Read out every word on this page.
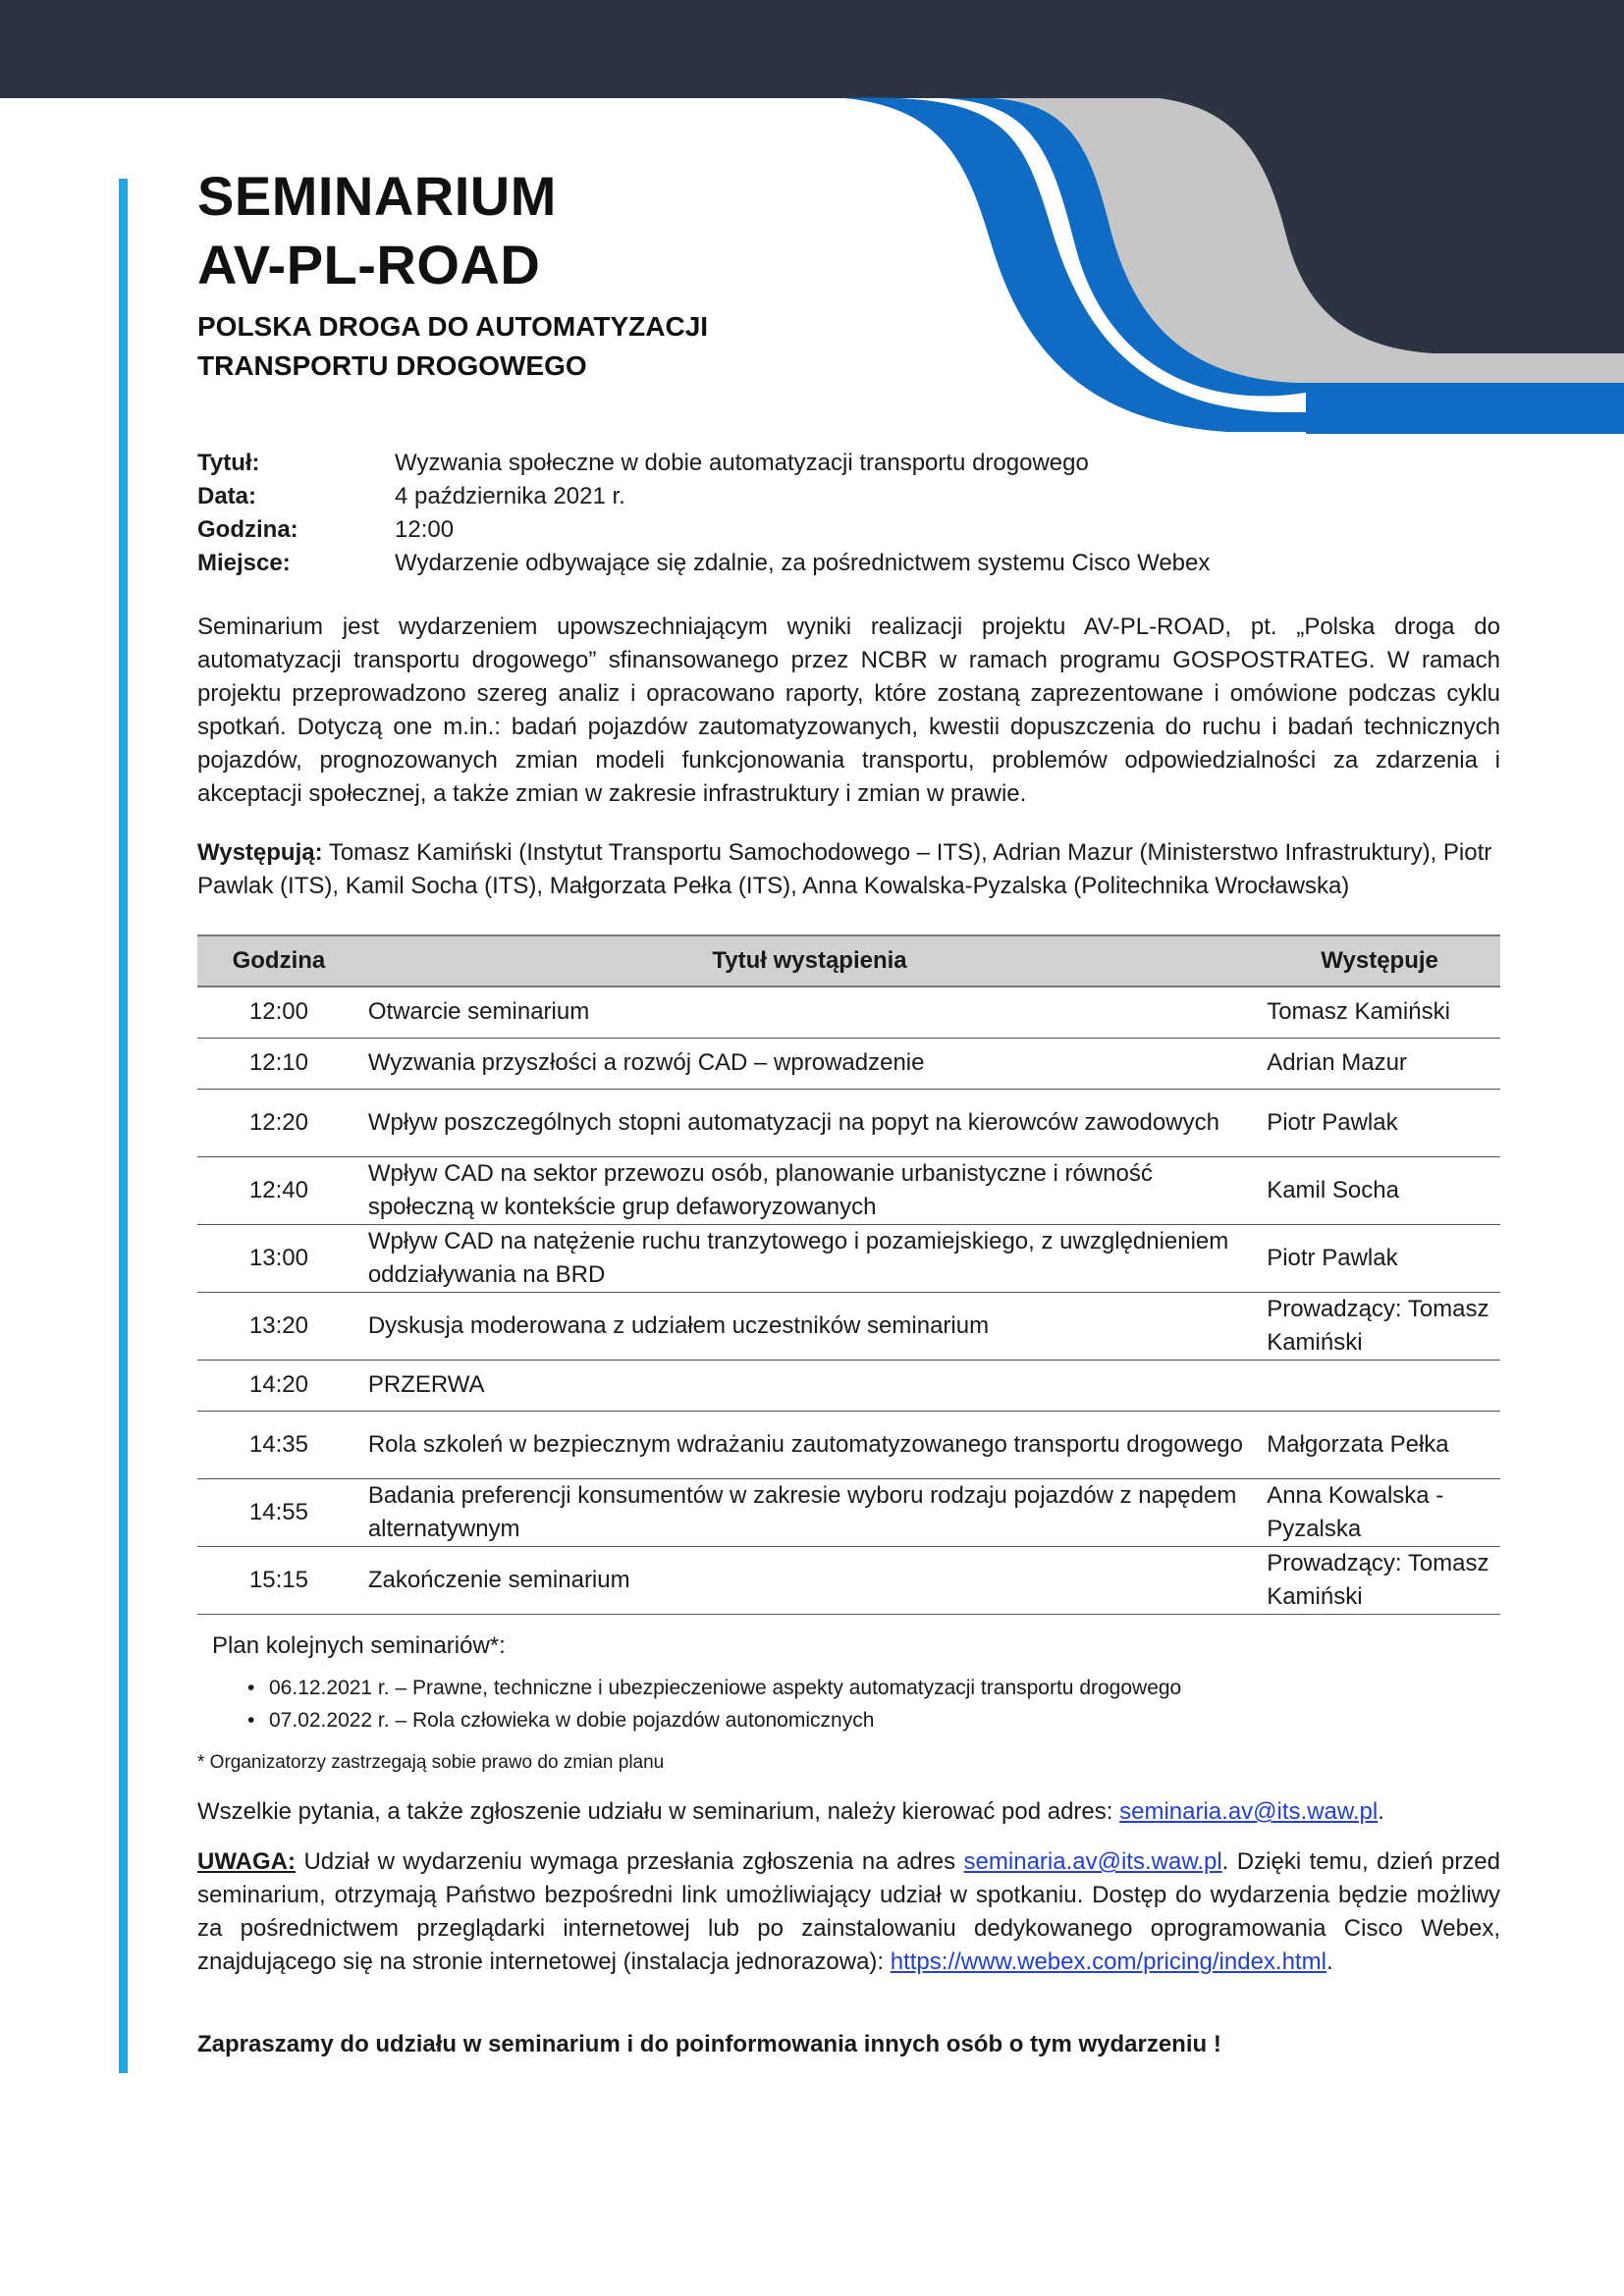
SEMINARIUM

AV-PL-ROAD

POLSKA DROGA DO AUTOMATYZACJI

TRANSPORTU DROGOWEGO

Tytuł:	Wyzwania społeczne w dobie automatyzacji transportu drogowego
Data:	4 października 2021 r.
Godzina:	12:00
Miejsce:	Wydarzenie odbywające się zdalnie, za pośrednictwem systemu Cisco Webex

Seminarium jest wydarzeniem upowszechniającym wyniki realizacji projektu AV-PL-ROAD, pt. „Polska droga do automatyzacji transportu drogowego” sfinansowanego przez NCBR w ramach programu GOSPOSTRATEG. W ramach projektu przeprowadzono szereg analiz i opracowano raporty, które zostaną zaprezentowane i omówione podczas cyklu spotkań. Dotyczą one m.in.: badań pojazdów zautomatyzowanych, kwestii dopuszczenia do ruchu i badań technicznych pojazdów, prognozowanych zmian modeli funkcjonowania transportu, problemów odpowiedzialności za zdarzenia i akceptacji społecznej, a także zmian w zakresie infrastruktury i zmian w prawie.

Występują: Tomasz Kamiński (Instytut Transportu Samochodowego – ITS), Adrian Mazur (Ministerstwo Infrastruktury), Piotr Pawlak (ITS), Kamil Socha (ITS), Małgorzata Pełka (ITS), Anna Kowalska-Pyzalska (Politechnika Wrocławska)

Godzina	Tytuł wystąpienia	Występuje
12:00	Otwarcie seminarium	Tomasz Kamiński
12:10	Wyzwania przyszłości a rozwój CAD – wprowadzenie	Adrian Mazur
12:20	Wpływ poszczególnych stopni automatyzacji na popyt na kierowców zawodowych	Piotr Pawlak
12:40	Wpływ CAD na sektor przewozu osób, planowanie urbanistyczne i równość społeczną w kontekście grup defaworyzowanych	Kamil Socha
13:00	Wpływ CAD na natężenie ruchu tranzytowego i pozamiejskiego, z uwzględnieniem oddziaływania na BRD	Piotr Pawlak
13:20	Dyskusja moderowana z udziałem uczestników seminarium	Prowadzący: Tomasz Kamiński
14:20	PRZERWA	
14:35	Rola szkoleń w bezpiecznym wdrażaniu zautomatyzowanego transportu drogowego	Małgorzata Pełka
14:55	Badania preferencji konsumentów w zakresie wyboru rodzaju pojazdów z napędem alternatywnym	Anna Kowalska -Pyzalska
15:15	Zakończenie seminarium	Prowadzący: Tomasz Kamiński
Plan kolejnych seminariów*:
• 06.12.2021 r. – Prawne, techniczne i ubezpieczeniowe aspekty automatyzacji transportu drogowego
• 07.02.2022 r. – Rola człowieka w dobie pojazdów autonomicznych
* Organizatorzy zastrzegają sobie prawo do zmian planu

Wszelkie pytania, a także zgłoszenie udziału w seminarium, należy kierować pod adres: seminaria.av@its.waw.pl.

UWAGA: Udział w wydarzeniu wymaga przesłania zgłoszenia na adres seminaria.av@its.waw.pl. Dzięki temu, dzień przed seminarium, otrzymają Państwo bezpośredni link umożliwiający udział w spotkaniu. Dostęp do wydarzenia będzie możliwy za pośrednictwem przeglądarki internetowej lub po zainstalowaniu dedykowanego oprogramowania Cisco Webex, znajdującego się na stronie internetowej (instalacja jednorazowa): https://www.webex.com/pricing/index.html.

Zapraszamy do udziału w seminarium i do poinformowania innych osób o tym wydarzeniu !
